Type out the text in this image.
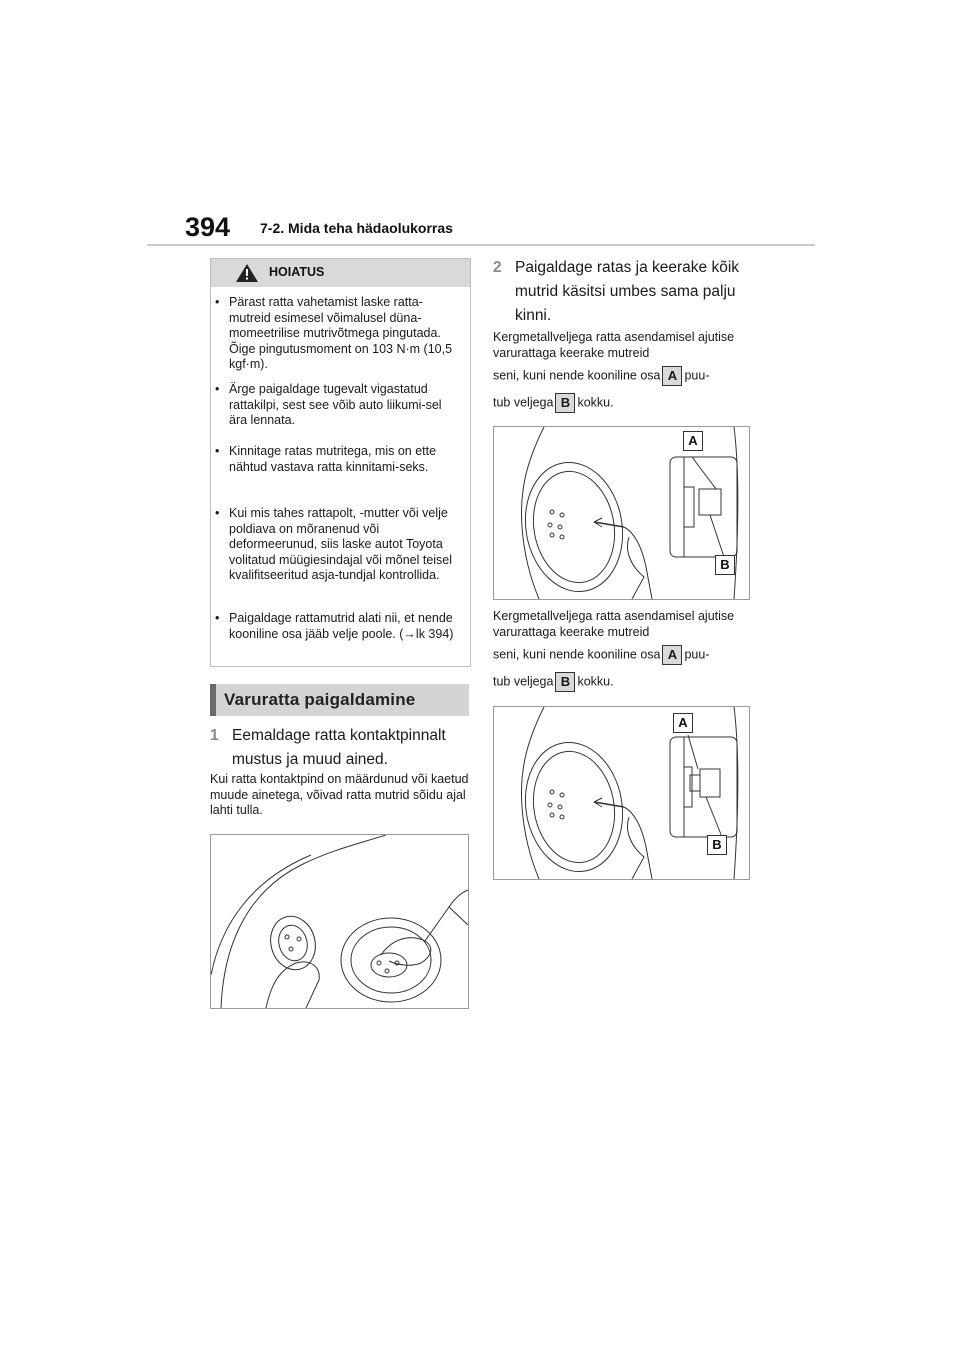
394 7-2. Mida teha hädaolukorras
HOIATUS
• Pärast ratta vahetamist laske ratta-mutreid esimesel võimalusel düna-momeetrilise mutrivõtmega pingutada. Õige pingutusmoment on 103 N·m (10,5 kgf·m).
• Ärge paigaldage tugevalt vigastatud rattakilpi, sest see võib auto liikumi-sel ära lennata.
• Kinnitage ratas mutritega, mis on ette nähtud vastava ratta kinnitami-seks.
• Kui mis tahes rattapolt, -mutter või velje poldiava on mõranenud või deformeerunud, siis laske autot Toyota volitatud müügiesindajal või mõnel teisel kvalifitseeritud asja-tundjal kontrollida.
• Paigaldage rattamutrid alati nii, et nende kooniline osa jääb velje poole. (→lk 394)
Varuratta paigaldamine
1 Eemaldage ratta kontaktpinnalt mustus ja muud ained.
Kui ratta kontaktpind on määrdunud või kaetud muude ainetega, võivad ratta mutrid sõidu ajal lahti tulla.
2 Paigaldage ratas ja keerake kõik mutrid käsitsi umbes sama palju kinni.
Kergmetallveljega ratta asendamisel ajutise varurattaga keerake mutreid
seni, kuni nende kooniline osa A puu-
tub veljega B kokku.
A
B
Kergmetallveljega ratta asendamisel ajutise varurattaga keerake mutreid
seni, kuni nende kooniline osa A puu-
tub veljega B kokku.
A
B
